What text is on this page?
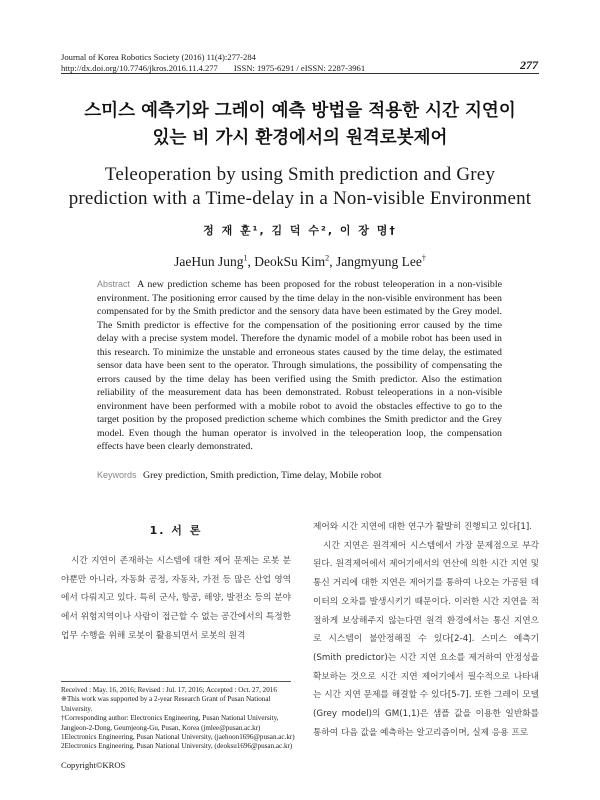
Journal of Korea Robotics Society (2016) 11(4):277-284
http://dx.doi.org/10.7746/jkros.2016.11.4.277 ISSN: 1975-6291 / eISSN: 2287-3961	277
스미스 예측기와 그레이 예측 방법을 적용한 시간 지연이
있는 비 가시 환경에서의 원격로봇제어
Teleoperation by using Smith prediction and Grey
prediction with a Time-delay in a Non-visible Environment
정 재 훈¹, 김 덕 수², 이 장 명†
JaeHun Jung$^1$, DeokSu Kim$^2$, Jangmyung Lee†
Abstract A new prediction scheme has been proposed for the robust teleoperation in a non-visible environment. The positioning error caused by the time delay in the non-visible environment has been compensated for by the Smith predictor and the sensory data have been estimated by the Grey model. The Smith predictor is effective for the compensation of the positioning error caused by the time delay with a precise system model. Therefore the dynamic model of a mobile robot has been used in this research. To minimize the unstable and erroneous states caused by the time delay, the estimated sensor data have been sent to the operator. Through simulations, the possibility of compensating the errors caused by the time delay has been verified using the Smith predictor. Also the estimation reliability of the measurement data has been demonstrated. Robust teleoperations in a non-visible environment have been performed with a mobile robot to avoid the obstacles effective to go to the target position by the proposed prediction scheme which combines the Smith predictor and the Grey model. Even though the human operator is involved in the teleoperation loop, the compensation effects have been clearly demonstrated.
Keywords Grey prediction, Smith prediction, Time delay, Mobile robot
1. 서 론

시간 지연이 존재하는 시스템에 대한 제어 문제는 로봇 분야뿐만 아니라, 자동화 공정, 자동차, 가전 등 많은 산업 영역에서 다뤄지고 있다. 특히 군사, 항공, 해양, 발전소 등의 분야에서 위험지역이나 사람이 접근할 수 없는 공간에서의 특정한 업무 수행을 위해 로봇이 활용되면서 로봇의 원격

제어와 시간 지연에 대한 연구가 활발히 진행되고 있다[1].

시간 지연은 원격제어 시스템에서 가장 문제점으로 부각된다. 원격제어에서 제어기에서의 연산에 의한 시간 지연 및 통신 거리에 대한 지연은 제어기를 통하여 나오는 가공된 데이터의 오차를 발생시키기 때문이다. 이러한 시간 지연을 적절하게 보상해주지 않는다면 원격 환경에서는 통신 지연으로 시스템이 불안정해질 수 있다[2-4]. 스미스 예측기(Smith predictor)는 시간 지연 요소를 제거하여 안정성을 확보하는 것으로 시간 지연 제어기에서 필수적으로 나타내는 시간 지연 문제를 해결할 수 있다[5-7]. 또한 그레이 모델(Grey model)의 GM(1,1)은 샘플 값을 이용한 일반화를 통하여 다음 값을 예측하는 알고리즘이며, 실제 응용 프로

Received : May. 16, 2016; Revised : Jul. 17, 2016; Accepted : Oct. 27, 2016
※This work was supported by a 2-year Research Grant of Pusan National University.
†Corresponding author: Electronics Engineering, Pusan National University, Jangjeon-2-Dong, Geumjeong-Gu, Pusan, Korea (jmlee@pusan.ac.kr)
1Electronics Engineering, Pusan National University, (jaehoon1696@pusan.ac.kr)
2Electronics Engineering, Pusan National University, (deoksu1696@pusan.ac.kr)
Copyright©KROS
